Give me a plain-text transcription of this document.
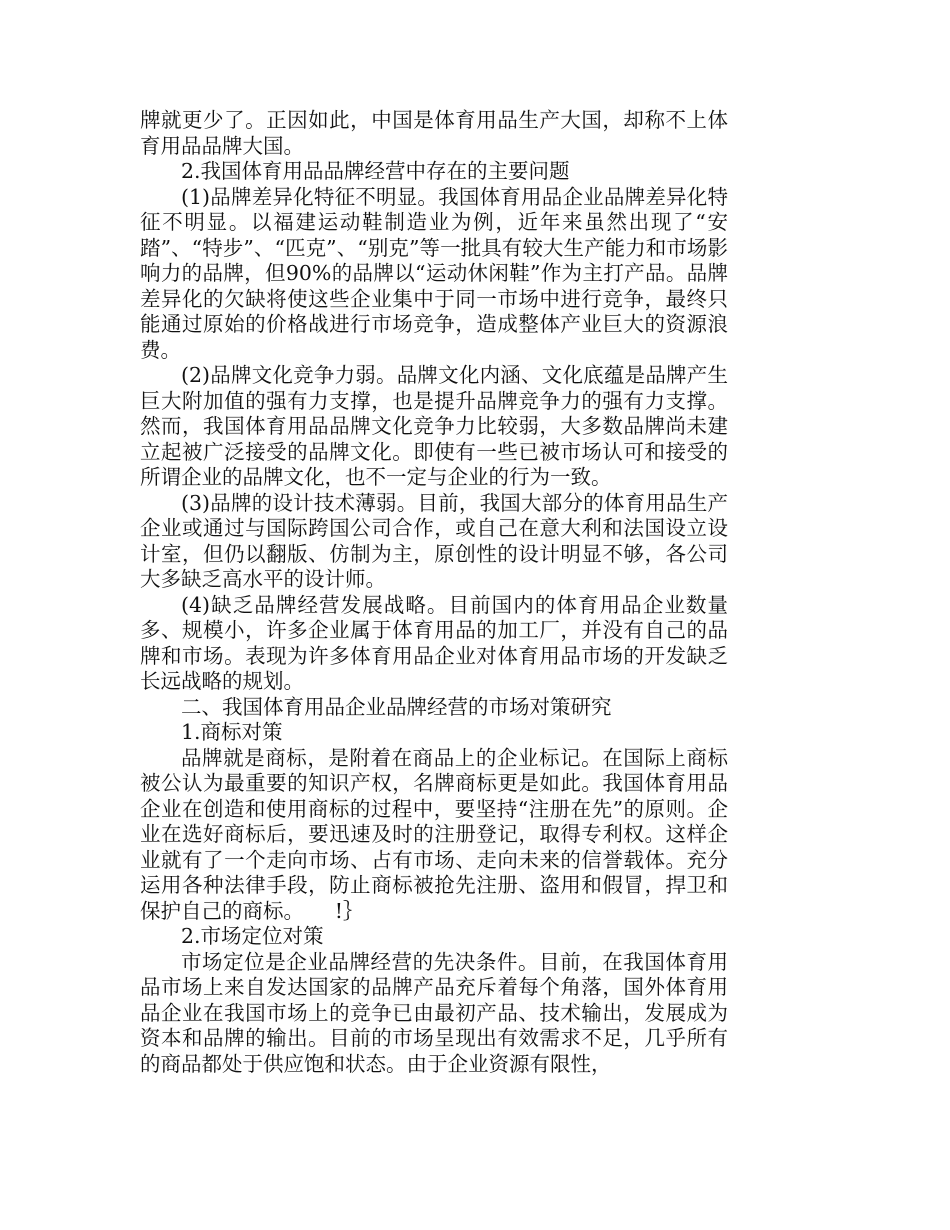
牌就更少了。正因如此，中国是体育用品生产大国，却称不上体育用品品牌大国。

2.我国体育用品品牌经营中存在的主要问题

(1)品牌差异化特征不明显。我国体育用品企业品牌差异化特征不明显。以福建运动鞋制造业为例，近年来虽然出现了“安踏”、“特步”、“匹克”、“别克”等一批具有较大生产能力和市场影响力的品牌，但90%的品牌以“运动休闲鞋”作为主打产品。品牌差异化的欠缺将使这些企业集中于同一市场中进行竞争，最终只能通过原始的价格战进行市场竞争，造成整体产业巨大的资源浪费。

(2)品牌文化竞争力弱。品牌文化内涵、文化底蕴是品牌产生巨大附加值的强有力支撑，也是提升品牌竞争力的强有力支撑。然而，我国体育用品品牌文化竞争力比较弱，大多数品牌尚未建立起被广泛接受的品牌文化。即使有一些已被市场认可和接受的所谓企业的品牌文化，也不一定与企业的行为一致。

(3)品牌的设计技术薄弱。目前，我国大部分的体育用品生产企业或通过与国际跨国公司合作，或自己在意大利和法国设立设计室，但仍以翻版、仿制为主，原创性的设计明显不够，各公司大多缺乏高水平的设计师。

(4)缺乏品牌经营发展战略。目前国内的体育用品企业数量多、规模小，许多企业属于体育用品的加工厂，并没有自己的品牌和市场。表现为许多体育用品企业对体育用品市场的开发缺乏长远战略的规划。

二、我国体育用品企业品牌经营的市场对策研究

1.商标对策

品牌就是商标，是附着在商品上的企业标记。在国际上商标被公认为最重要的知识产权，名牌商标更是如此。我国体育用品企业在创造和使用商标的过程中，要坚持“注册在先”的原则。企业在选好商标后，要迅速及时的注册登记，取得专利权。这样企业就有了一个走向市场、占有市场、走向未来的信誉载体。充分运用各种法律手段，防止商标被抢先注册、盗用和假冒，捍卫和保护自己的商标。　　!｝

2.市场定位对策

市场定位是企业品牌经营的先决条件。目前，在我国体育用品市场上来自发达国家的品牌产品充斥着每个角落，国外体育用品企业在我国市场上的竞争已由最初产品、技术输出，发展成为资本和品牌的输出。目前的市场呈现出有效需求不足，几乎所有的商品都处于供应饱和状态。由于企业资源有限性，
